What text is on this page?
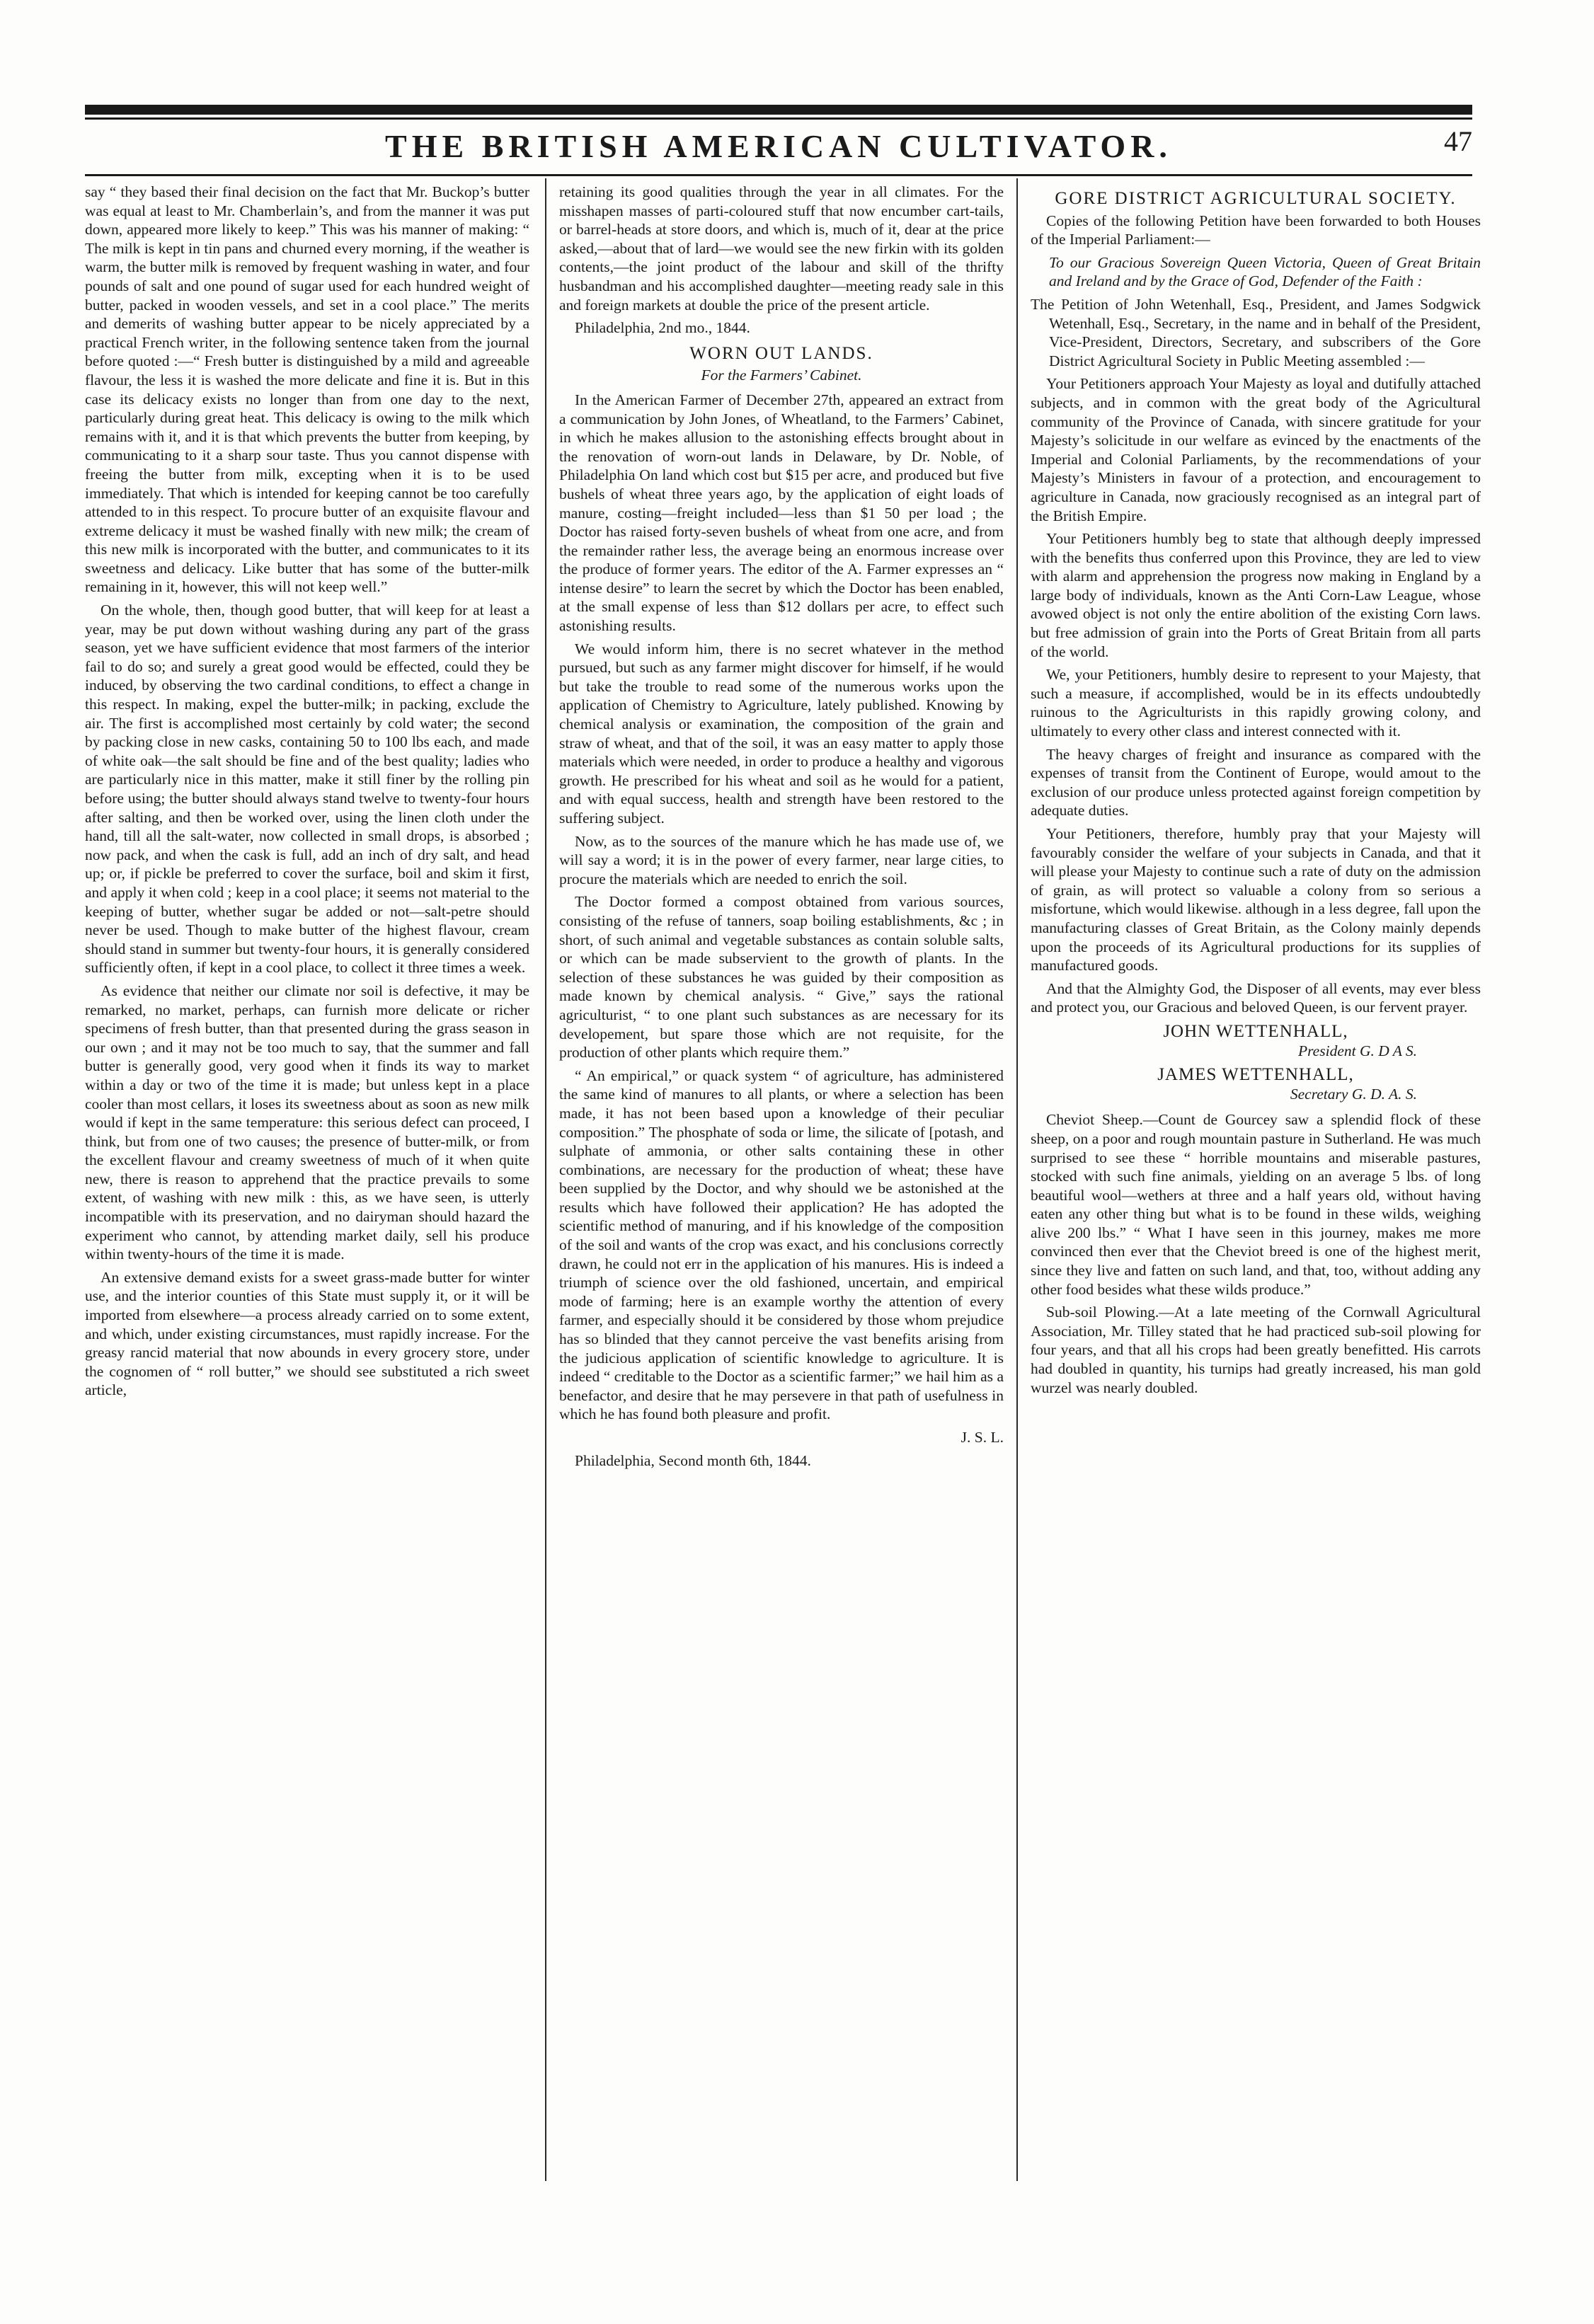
THE BRITISH AMERICAN CULTIVATOR.	47

say “ they based their final decision on the fact that Mr. Buckop’s butter was equal at least to Mr. Chamberlain’s, and from the manner it was put down, appeared more likely to keep.” This was his manner of making: “ The milk is kept in tin pans and churned every morning, if the weather is warm, the butter milk is removed by frequent washing in water, and four pounds of salt and one pound of sugar used for each hundred weight of butter, packed in wooden vessels, and set in a cool place.” The merits and demerits of washing butter appear to be nicely appreciated by a practical French writer, in the following sentence taken from the journal before quoted :—“ Fresh butter is distinguished by a mild and agreeable flavour, the less it is washed the more delicate and fine it is. But in this case its delicacy exists no longer than from one day to the next, particularly during great heat. This delicacy is owing to the milk which remains with it, and it is that which prevents the butter from keeping, by communicating to it a sharp sour taste. Thus you cannot dispense with freeing the butter from milk, excepting when it is to be used immediately. That which is intended for keeping cannot be too carefully attended to in this respect. To procure butter of an exquisite flavour and extreme delicacy it must be washed finally with new milk; the cream of this new milk is incorporated with the butter, and communicates to it its sweetness and delicacy. Like butter that has some of the butter-milk remaining in it, however, this will not keep well.”

On the whole, then, though good butter, that will keep for at least a year, may be put down without washing during any part of the grass season, yet we have sufficient evidence that most farmers of the interior fail to do so; and surely a great good would be effected, could they be induced, by observing the two cardinal conditions, to effect a change in this respect. In making, expel the butter-milk; in packing, exclude the air. The first is accomplished most certainly by cold water; the second by packing close in new casks, containing 50 to 100 lbs each, and made of white oak—the salt should be fine and of the best quality; ladies who are particularly nice in this matter, make it still finer by the rolling pin before using; the butter should always stand twelve to twenty-four hours after salting, and then be worked over, using the linen cloth under the hand, till all the salt-water, now collected in small drops, is absorbed ; now pack, and when the cask is full, add an inch of dry salt, and head up; or, if pickle be preferred to cover the surface, boil and skim it first, and apply it when cold ; keep in a cool place; it seems not material to the keeping of butter, whether sugar be added or not—salt-petre should never be used. Though to make butter of the highest flavour, cream should stand in summer but twenty-four hours, it is generally considered sufficiently often, if kept in a cool place, to collect it three times a week.

As evidence that neither our climate nor soil is defective, it may be remarked, no market, perhaps, can furnish more delicate or richer specimens of fresh butter, than that presented during the grass season in our own ; and it may not be too much to say, that the summer and fall butter is generally good, very good when it finds its way to market within a day or two of the time it is made; but unless kept in a place cooler than most cellars, it loses its sweetness about as soon as new milk would if kept in the same temperature: this serious defect can proceed, I think, but from one of two causes; the presence of butter-milk, or from the excellent flavour and creamy sweetness of much of it when quite new, there is reason to apprehend that the practice prevails to some extent, of washing with new milk : this, as we have seen, is utterly incompatible with its preservation, and no dairyman should hazard the experiment who cannot, by attending market daily, sell his produce within twenty-hours of the time it is made.

An extensive demand exists for a sweet grass-made butter for winter use, and the interior counties of this State must supply it, or it will be imported from elsewhere—a process already carried on to some extent, and which, under existing circumstances, must rapidly increase. For the greasy rancid material that now abounds in every grocery store, under the cognomen of “ roll butter,” we should see substituted a rich sweet article,

retaining its good qualities through the year in all climates. For the misshapen masses of parti-coloured stuff that now encumber cart-tails, or barrel-heads at store doors, and which is, much of it, dear at the price asked,—about that of lard—we would see the new firkin with its golden contents,—the joint product of the labour and skill of the thrifty husbandman and his accomplished daughter—meeting ready sale in this and foreign markets at double the price of the present article.

Philadelphia, 2nd mo., 1844.

WORN OUT LANDS.
For the Farmers’ Cabinet.

In the American Farmer of December 27th, appeared an extract from a communication by John Jones, of Wheatland, to the Farmers’ Cabinet, in which he makes allusion to the astonishing effects brought about in the renovation of worn-out lands in Delaware, by Dr. Noble, of Philadelphia On land which cost but $15 per acre, and produced but five bushels of wheat three years ago, by the application of eight loads of manure, costing—freight included—less than $1 50 per load ; the Doctor has raised forty-seven bushels of wheat from one acre, and from the remainder rather less, the average being an enormous increase over the produce of former years. The editor of the A. Farmer expresses an “ intense desire” to learn the secret by which the Doctor has been enabled, at the small expense of less than $12 dollars per acre, to effect such astonishing results.

We would inform him, there is no secret whatever in the method pursued, but such as any farmer might discover for himself, if he would but take the trouble to read some of the numerous works upon the application of Chemistry to Agriculture, lately published. Knowing by chemical analysis or examination, the composition of the grain and straw of wheat, and that of the soil, it was an easy matter to apply those materials which were needed, in order to produce a healthy and vigorous growth. He prescribed for his wheat and soil as he would for a patient, and with equal success, health and strength have been restored to the suffering subject.

Now, as to the sources of the manure which he has made use of, we will say a word; it is in the power of every farmer, near large cities, to procure the materials which are needed to enrich the soil.

The Doctor formed a compost obtained from various sources, consisting of the refuse of tanners, soap boiling establishments, &c ; in short, of such animal and vegetable substances as contain soluble salts, or which can be made subservient to the growth of plants. In the selection of these substances he was guided by their composition as made known by chemical analysis. “ Give,” says the rational agriculturist, “ to one plant such substances as are necessary for its developement, but spare those which are not requisite, for the production of other plants which require them.”

“ An empirical,” or quack system “ of agriculture, has administered the same kind of manures to all plants, or where a selection has been made, it has not been based upon a knowledge of their peculiar composition.” The phosphate of soda or lime, the silicate of [potash, and sulphate of ammonia, or other salts containing these in other combinations, are necessary for the production of wheat; these have been supplied by the Doctor, and why should we be astonished at the results which have followed their application? He has adopted the scientific method of manuring, and if his knowledge of the composition of the soil and wants of the crop was exact, and his conclusions correctly drawn, he could not err in the application of his manures. His is indeed a triumph of science over the old fashioned, uncertain, and empirical mode of farming; here is an example worthy the attention of every farmer, and especially should it be considered by those whom prejudice has so blinded that they cannot perceive the vast benefits arising from the judicious application of scientific knowledge to agriculture. It is indeed “ creditable to the Doctor as a scientific farmer;” we hail him as a benefactor, and desire that he may persevere in that path of usefulness in which he has found both pleasure and profit.

J. S. L.

Philadelphia, Second month 6th, 1844.

GORE DISTRICT AGRICULTURAL SOCIETY.

Copies of the following Petition have been forwarded to both Houses of the Imperial Parliament:—

To our Gracious Sovereign Queen Victoria, Queen of Great Britain and Ireland and by the Grace of God, Defender of the Faith :

The Petition of John Wetenhall, Esq., President, and James Sodgwick Wetenhall, Esq., Secretary, in the name and in behalf of the President, Vice-President, Directors, Secretary, and subscribers of the Gore District Agricultural Society in Public Meeting assembled :—

Your Petitioners approach Your Majesty as loyal and dutifully attached subjects, and in common with the great body of the Agricultural community of the Province of Canada, with sincere gratitude for your Majesty’s solicitude in our welfare as evinced by the enactments of the Imperial and Colonial Parliaments, by the recommendations of your Majesty’s Ministers in favour of a protection, and encouragement to agriculture in Canada, now graciously recognised as an integral part of the British Empire.

Your Petitioners humbly beg to state that although deeply impressed with the benefits thus conferred upon this Province, they are led to view with alarm and apprehension the progress now making in England by a large body of individuals, known as the Anti Corn-Law League, whose avowed object is not only the entire abolition of the existing Corn laws. but free admission of grain into the Ports of Great Britain from all parts of the world.

We, your Petitioners, humbly desire to represent to your Majesty, that such a measure, if accomplished, would be in its effects undoubtedly ruinous to the Agriculturists in this rapidly growing colony, and ultimately to every other class and interest connected with it.

The heavy charges of freight and insurance as compared with the expenses of transit from the Continent of Europe, would amout to the exclusion of our produce unless protected against foreign competition by adequate duties.

Your Petitioners, therefore, humbly pray that your Majesty will favourably consider the welfare of your subjects in Canada, and that it will please your Majesty to continue such a rate of duty on the admission of grain, as will protect so valuable a colony from so serious a misfortune, which would likewise. although in a less degree, fall upon the manufacturing classes of Great Britain, as the Colony mainly depends upon the proceeds of its Agricultural productions for its supplies of manufactured goods.

And that the Almighty God, the Disposer of all events, may ever bless and protect you, our Gracious and beloved Queen, is our fervent prayer.

JOHN WETTENHALL,
President G. D A S.
JAMES WETTENHALL,
Secretary G. D. A. S.

Cheviot Sheep.—Count de Gourcey saw a splendid flock of these sheep, on a poor and rough mountain pasture in Sutherland. He was much surprised to see these “ horrible mountains and miserable pastures, stocked with such fine animals, yielding on an average 5 lbs. of long beautiful wool—wethers at three and a half years old, without having eaten any other thing but what is to be found in these wilds, weighing alive 200 lbs.” “ What I have seen in this journey, makes me more convinced then ever that the Cheviot breed is one of the highest merit, since they live and fatten on such land, and that, too, without adding any other food besides what these wilds produce.”

Sub-soil Plowing.—At a late meeting of the Cornwall Agricultural Association, Mr. Tilley stated that he had practiced sub-soil plowing for four years, and that all his crops had been greatly benefitted. His carrots had doubled in quantity, his turnips had greatly increased, his man gold wurzel was nearly doubled.
